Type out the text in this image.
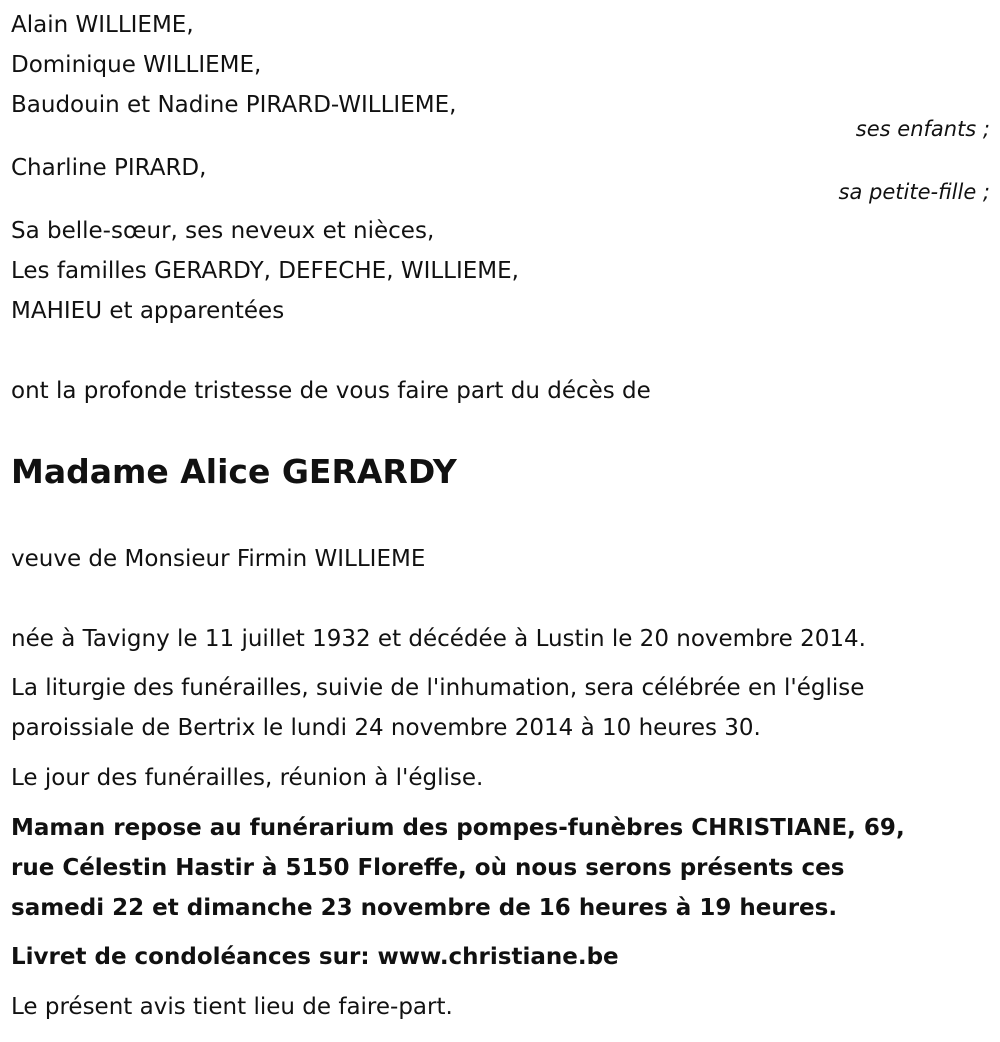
Alain WILLIEME,
Dominique WILLIEME,
Baudouin et Nadine PIRARD-WILLIEME,
ses enfants ;
Charline PIRARD,
sa petite-fille ;
Sa belle-sœur, ses neveux et nièces,
Les familles GERARDY, DEFECHE, WILLIEME,
MAHIEU et apparentées
ont la profonde tristesse de vous faire part du décès de
Madame Alice GERARDY
veuve de Monsieur Firmin WILLIEME
née à Tavigny le 11 juillet 1932 et décédée à Lustin le 20 novembre 2014.
La liturgie des funérailles, suivie de l'inhumation, sera célébrée en l'église
paroissiale de Bertrix le lundi 24 novembre 2014 à 10 heures 30.
Le jour des funérailles, réunion à l'église.
Maman repose au funérarium des pompes-funèbres CHRISTIANE, 69,
rue Célestin Hastir à 5150 Floreffe, où nous serons présents ces
samedi 22 et dimanche 23 novembre de 16 heures à 19 heures.
Livret de condoléances sur: www.christiane.be
Le présent avis tient lieu de faire-part.
